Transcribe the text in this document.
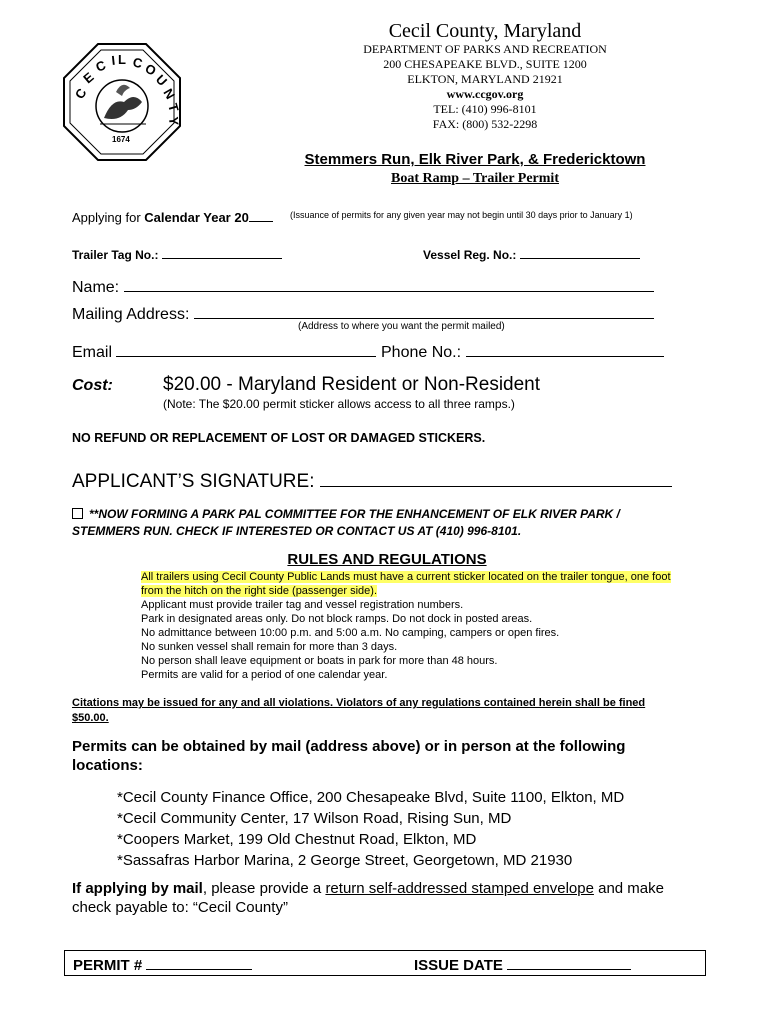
C
E
C I L C
O
U
N
T
Y
1674
Cecil County, Maryland
DEPARTMENT OF PARKS AND RECREATION
200 CHESAPEAKE BLVD., SUITE 1200
ELKTON, MARYLAND 21921
www.ccgov.org
TEL: (410) 996-8101
FAX: (800) 532-2298
Stemmers Run, Elk River Park, & Fredericktown
Boat Ramp – Trailer Permit
Applying for Calendar Year 20	(Issuance of permits for any given year may not begin until 30 days prior to January 1)
Trailer Tag No.:	Vessel Reg. No.:
Name:
Mailing Address:
(Address to where you want the permit mailed)
Email	Phone No.:
Cost:	$20.00 - Maryland Resident or Non-Resident
(Note: The $20.00 permit sticker allows access to all three ramps.)
NO REFUND OR REPLACEMENT OF LOST OR DAMAGED STICKERS.
APPLICANT’S SIGNATURE:
**NOW FORMING A PARK PAL COMMITTEE FOR THE ENHANCEMENT OF ELK RIVER PARK /
STEMMERS RUN. CHECK IF INTERESTED OR CONTACT US AT (410) 996-8101.
RULES AND REGULATIONS
All trailers using Cecil County Public Lands must have a current sticker located on the trailer tongue, one foot
from the hitch on the right side (passenger side).
Applicant must provide trailer tag and vessel registration numbers.
Park in designated areas only. Do not block ramps. Do not dock in posted areas.
No admittance between 10:00 p.m. and 5:00 a.m. No camping, campers or open fires.
No sunken vessel shall remain for more than 3 days.
No person shall leave equipment or boats in park for more than 48 hours.
Permits are valid for a period of one calendar year.
Citations may be issued for any and all violations. Violators of any regulations contained herein shall be fined
$50.00.
Permits can be obtained by mail (address above) or in person at the following
locations:
*Cecil County Finance Office, 200 Chesapeake Blvd, Suite 1100, Elkton, MD
*Cecil Community Center, 17 Wilson Road, Rising Sun, MD
*Coopers Market, 199 Old Chestnut Road, Elkton, MD
*Sassafras Harbor Marina, 2 George Street, Georgetown, MD 21930
If applying by mail, please provide a return self-addressed stamped envelope and make
check payable to: “Cecil County”
PERMIT #	ISSUE DATE
